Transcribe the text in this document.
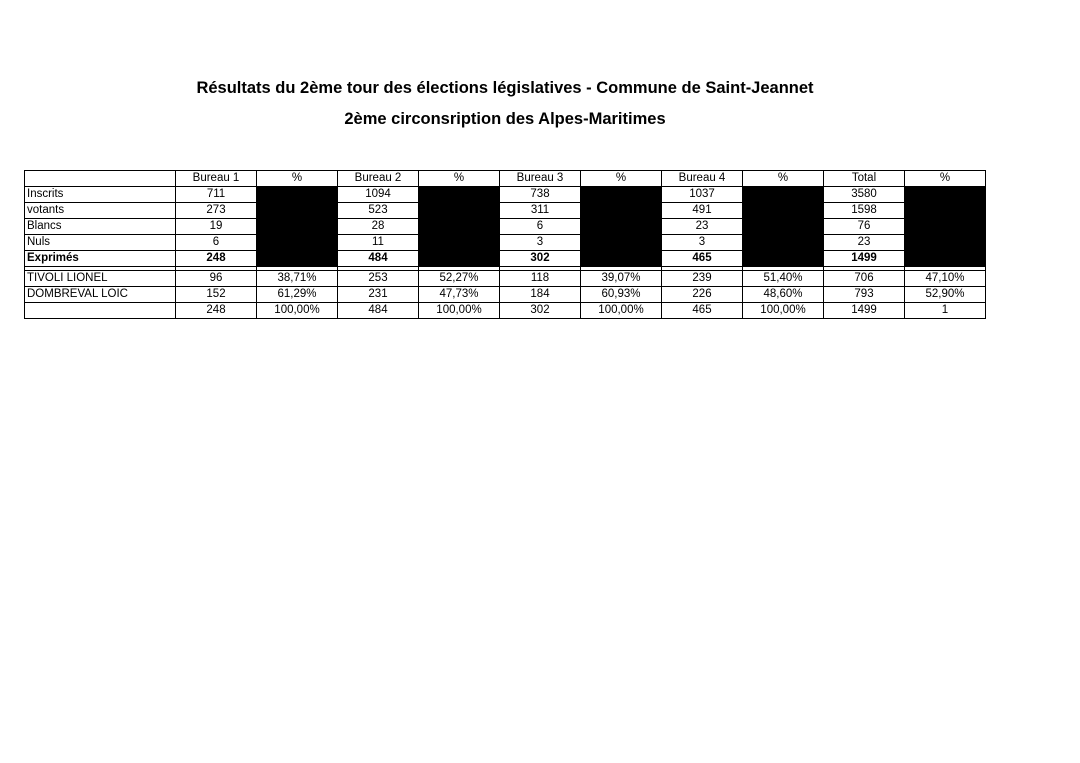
Résultats du 2ème tour des élections législatives - Commune de Saint-Jeannet
2ème circonsription des Alpes-Maritimes
	Bureau 1	%	Bureau 2	%	Bureau 3	%	Bureau 4	%	Total	%
Inscrits	711		1094		738		1037		3580	
votants	273		523		311		491		1598	
Blancs	19		28		6		23		76	
Nuls	6		11		3		3		23	
Exprimés	248		484		302		465		1499	

TIVOLI LIONEL	96	38,71%	253	52,27%	118	39,07%	239	51,40%	706	47,10%
DOMBREVAL LOIC	152	61,29%	231	47,73%	184	60,93%	226	48,60%	793	52,90%
	248	100,00%	484	100,00%	302	100,00%	465	100,00%	1499	1
